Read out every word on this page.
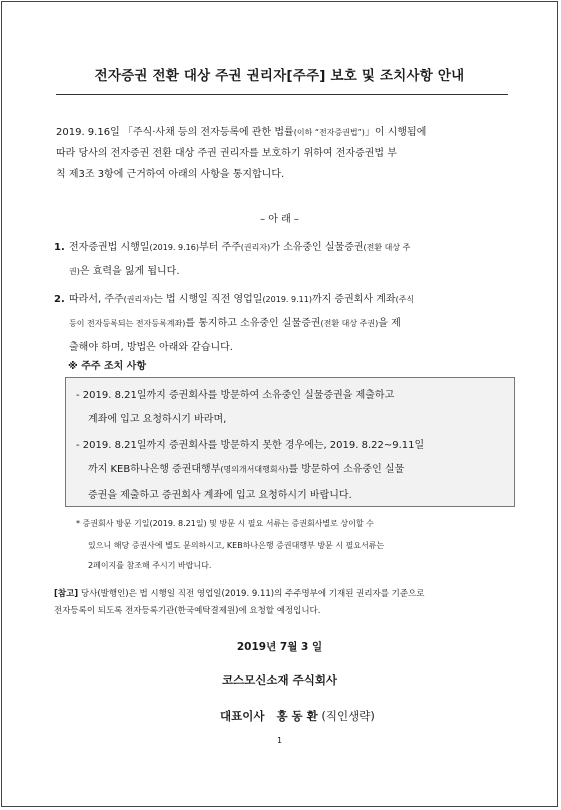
전자증권 전환 대상 주권 권리자[주주] 보호 및 조치사항 안내
2019. 9.16일 「주식·사채 등의 전자등록에 관한 법률(이하 “전자증권법”)」이 시행됨에
따라 당사의 전자증권 전환 대상 주권 권리자를 보호하기 위하여 전자증권법 부
칙 제3조 3항에 근거하여 아래의 사항을 통지합니다.
– 아 래 –
1. 전자증권법 시행일(2019. 9.16)부터 주주(권리자)가 소유중인 실물증권(전환 대상 주
권)은 효력을 잃게 됩니다.
2. 따라서, 주주(권리자)는 법 시행일 직전 영업일(2019. 9.11)까지 증권회사 계좌(주식
등이 전자등록되는 전자등록계좌)를 통지하고 소유중인 실물증권(전환 대상 주권)을 제
출해야 하며, 방법은 아래와 같습니다.
※ 주주 조치 사항
- 2019. 8.21일까지 증권회사를 방문하여 소유중인 실물증권을 제출하고
계좌에 입고 요청하시기 바라며,
- 2019. 8.21일까지 증권회사를 방문하지 못한 경우에는, 2019. 8.22~9.11일
까지 KEB하나은행 증권대행부(명의개서대행회사)를 방문하여 소유중인 실물
증권을 제출하고 증권회사 계좌에 입고 요청하시기 바랍니다.
* 증권회사 방문 기일(2019. 8.21일) 및 방문 시 필요 서류는 증권회사별로 상이할 수
있으니 해당 증권사에 별도 문의하시고, KEB하나은행 증권대행부 방문 시 필요서류는
2페이지를 참조해 주시기 바랍니다.
[참고] 당사(발행인)은 법 시행일 직전 영업일(2019. 9.11)의 주주명부에 기재된 권리자를 기준으로
전자등록이 되도록 전자등록기관(한국예탁결제원)에 요청할 예정입니다.
2019년 7월 3 일
코스모신소재 주식회사
대표이사   홍 동 환 (직인생략)
1
